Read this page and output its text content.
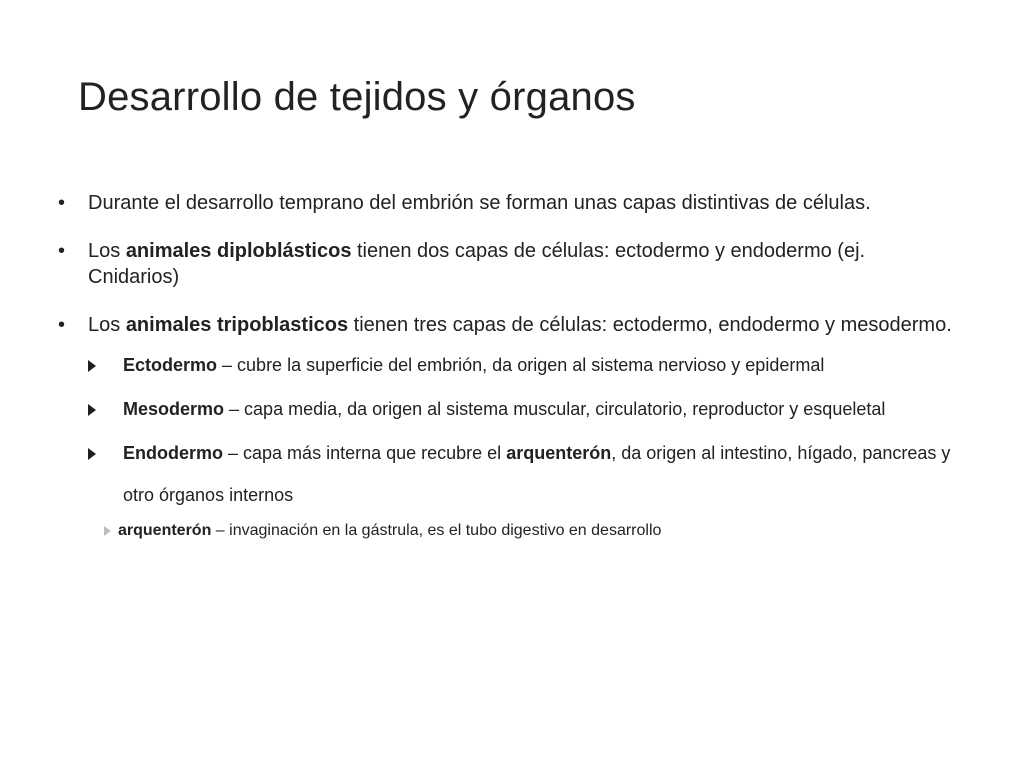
Desarrollo de tejidos y órganos
• Durante el desarrollo temprano del embrión se forman unas capas distintivas de células.
• Los animales diploblásticos tienen dos capas de células: ectodermo y endodermo (ej. Cnidarios)
• Los animales tripoblasticos tienen tres capas de células: ectodermo, endodermo y mesodermo.
Ectodermo – cubre la superficie del embrión, da origen al sistema nervioso y epidermal
Mesodermo – capa media, da origen al sistema muscular, circulatorio, reproductor y esqueletal
Endodermo – capa más interna que recubre el arquenterón, da origen al intestino, hígado, pancreas y otro órganos internos
arquenterón – invaginación en la gástrula, es el tubo digestivo en desarrollo
